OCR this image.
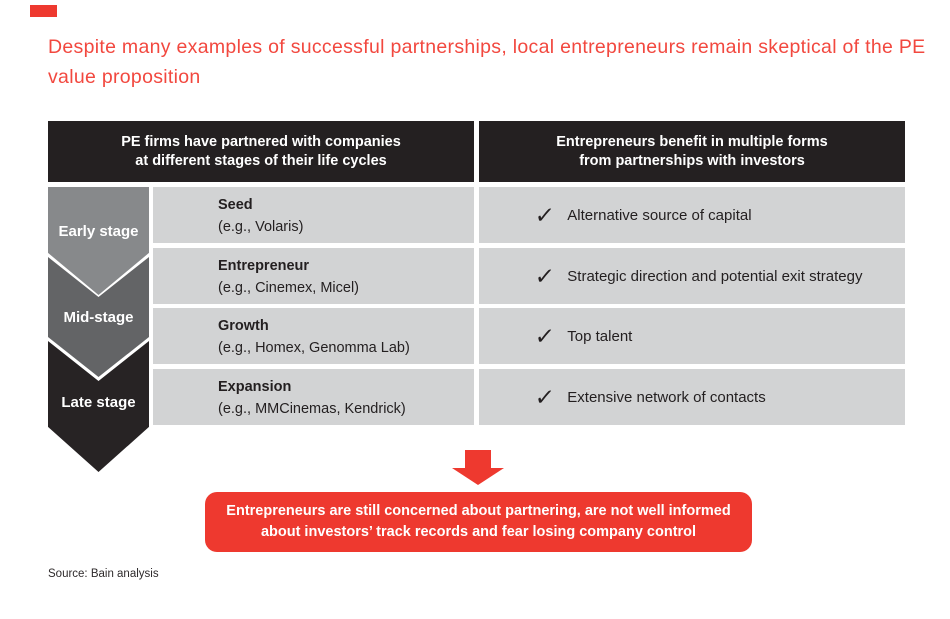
Despite many examples of successful partnerships, local entrepreneurs remain skeptical of the PE
value proposition
PE firms have partnered with companies
at different stages of their life cycles
Entrepreneurs benefit in multiple forms
from partnerships with investors
Early stage
Mid-stage
Late stage
Seed
(e.g., Volaris)
Entrepreneur
(e.g., Cinemex, Micel)
Growth
(e.g., Homex, Genomma Lab)
Expansion
(e.g., MMCinemas, Kendrick)
✓ Alternative source of capital
✓ Strategic direction and potential exit strategy
✓ Top talent
✓ Extensive network of contacts
Entrepreneurs are still concerned about partnering, are not well informed
about investors’ track records and fear losing company control
Source: Bain analysis
